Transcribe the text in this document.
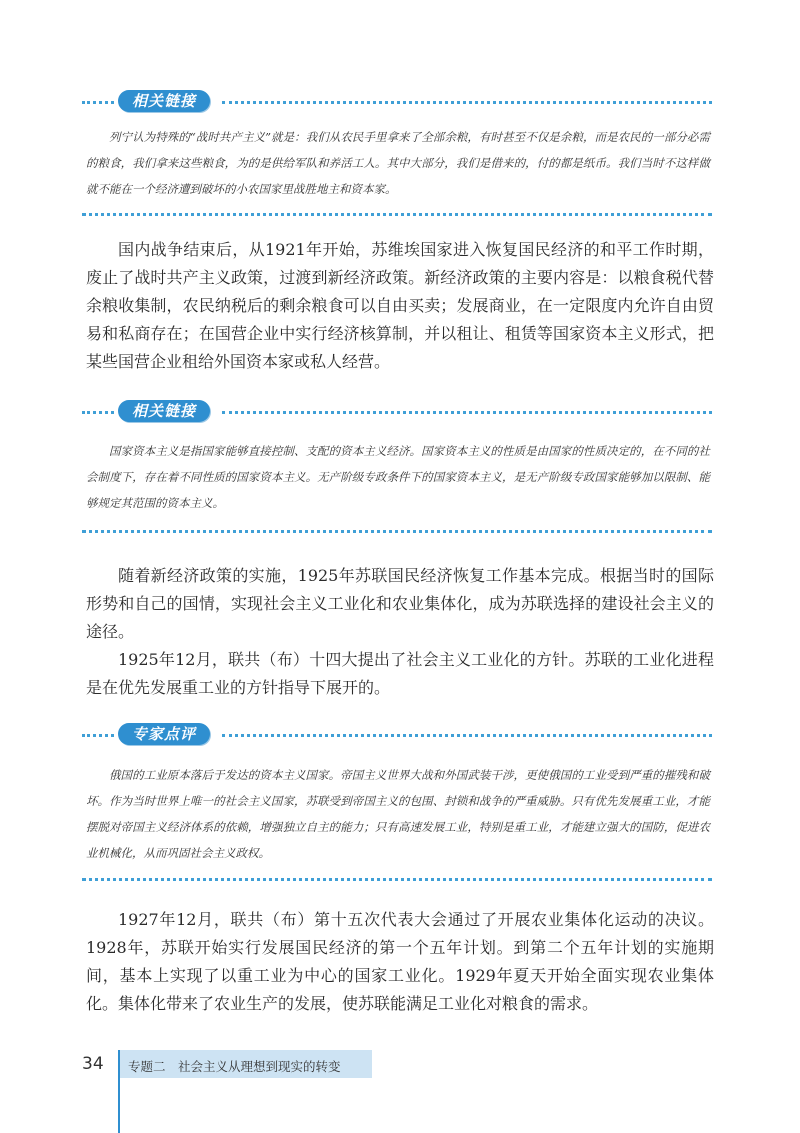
相关链接

列宁认为特殊的“战时共产主义”就是：我们从农民手里拿来了全部余粮，有时甚至不仅是余粮，而是农民的一部分必需的粮食，我们拿来这些粮食，为的是供给军队和养活工人。其中大部分，我们是借来的，付的都是纸币。我们当时不这样做就不能在一个经济遭到破坏的小农国家里战胜地主和资本家。

国内战争结束后，从1921年开始，苏维埃国家进入恢复国民经济的和平工作时期，废止了战时共产主义政策，过渡到新经济政策。新经济政策的主要内容是：以粮食税代替余粮收集制，农民纳税后的剩余粮食可以自由买卖；发展商业，在一定限度内允许自由贸易和私商存在；在国营企业中实行经济核算制，并以租让、租赁等国家资本主义形式，把某些国营企业租给外国资本家或私人经营。

相关链接

国家资本主义是指国家能够直接控制、支配的资本主义经济。国家资本主义的性质是由国家的性质决定的，在不同的社会制度下，存在着不同性质的国家资本主义。无产阶级专政条件下的国家资本主义，是无产阶级专政国家能够加以限制、能够规定其范围的资本主义。

随着新经济政策的实施，1925年苏联国民经济恢复工作基本完成。根据当时的国际形势和自己的国情，实现社会主义工业化和农业集体化，成为苏联选择的建设社会主义的途径。

1925年12月，联共（布）十四大提出了社会主义工业化的方针。苏联的工业化进程是在优先发展重工业的方针指导下展开的。

专家点评

俄国的工业原本落后于发达的资本主义国家。帝国主义世界大战和外国武装干涉，更使俄国的工业受到严重的摧残和破坏。作为当时世界上唯一的社会主义国家，苏联受到帝国主义的包围、封锁和战争的严重威胁。只有优先发展重工业，才能摆脱对帝国主义经济体系的依赖，增强独立自主的能力；只有高速发展工业，特别是重工业，才能建立强大的国防，促进农业机械化，从而巩固社会主义政权。

1927年12月，联共（布）第十五次代表大会通过了开展农业集体化运动的决议。1928年，苏联开始实行发展国民经济的第一个五年计划。到第二个五年计划的实施期间，基本上实现了以重工业为中心的国家工业化。1929年夏天开始全面实现农业集体化。集体化带来了农业生产的发展，使苏联能满足工业化对粮食的需求。

34 专题二　社会主义从理想到现实的转变
